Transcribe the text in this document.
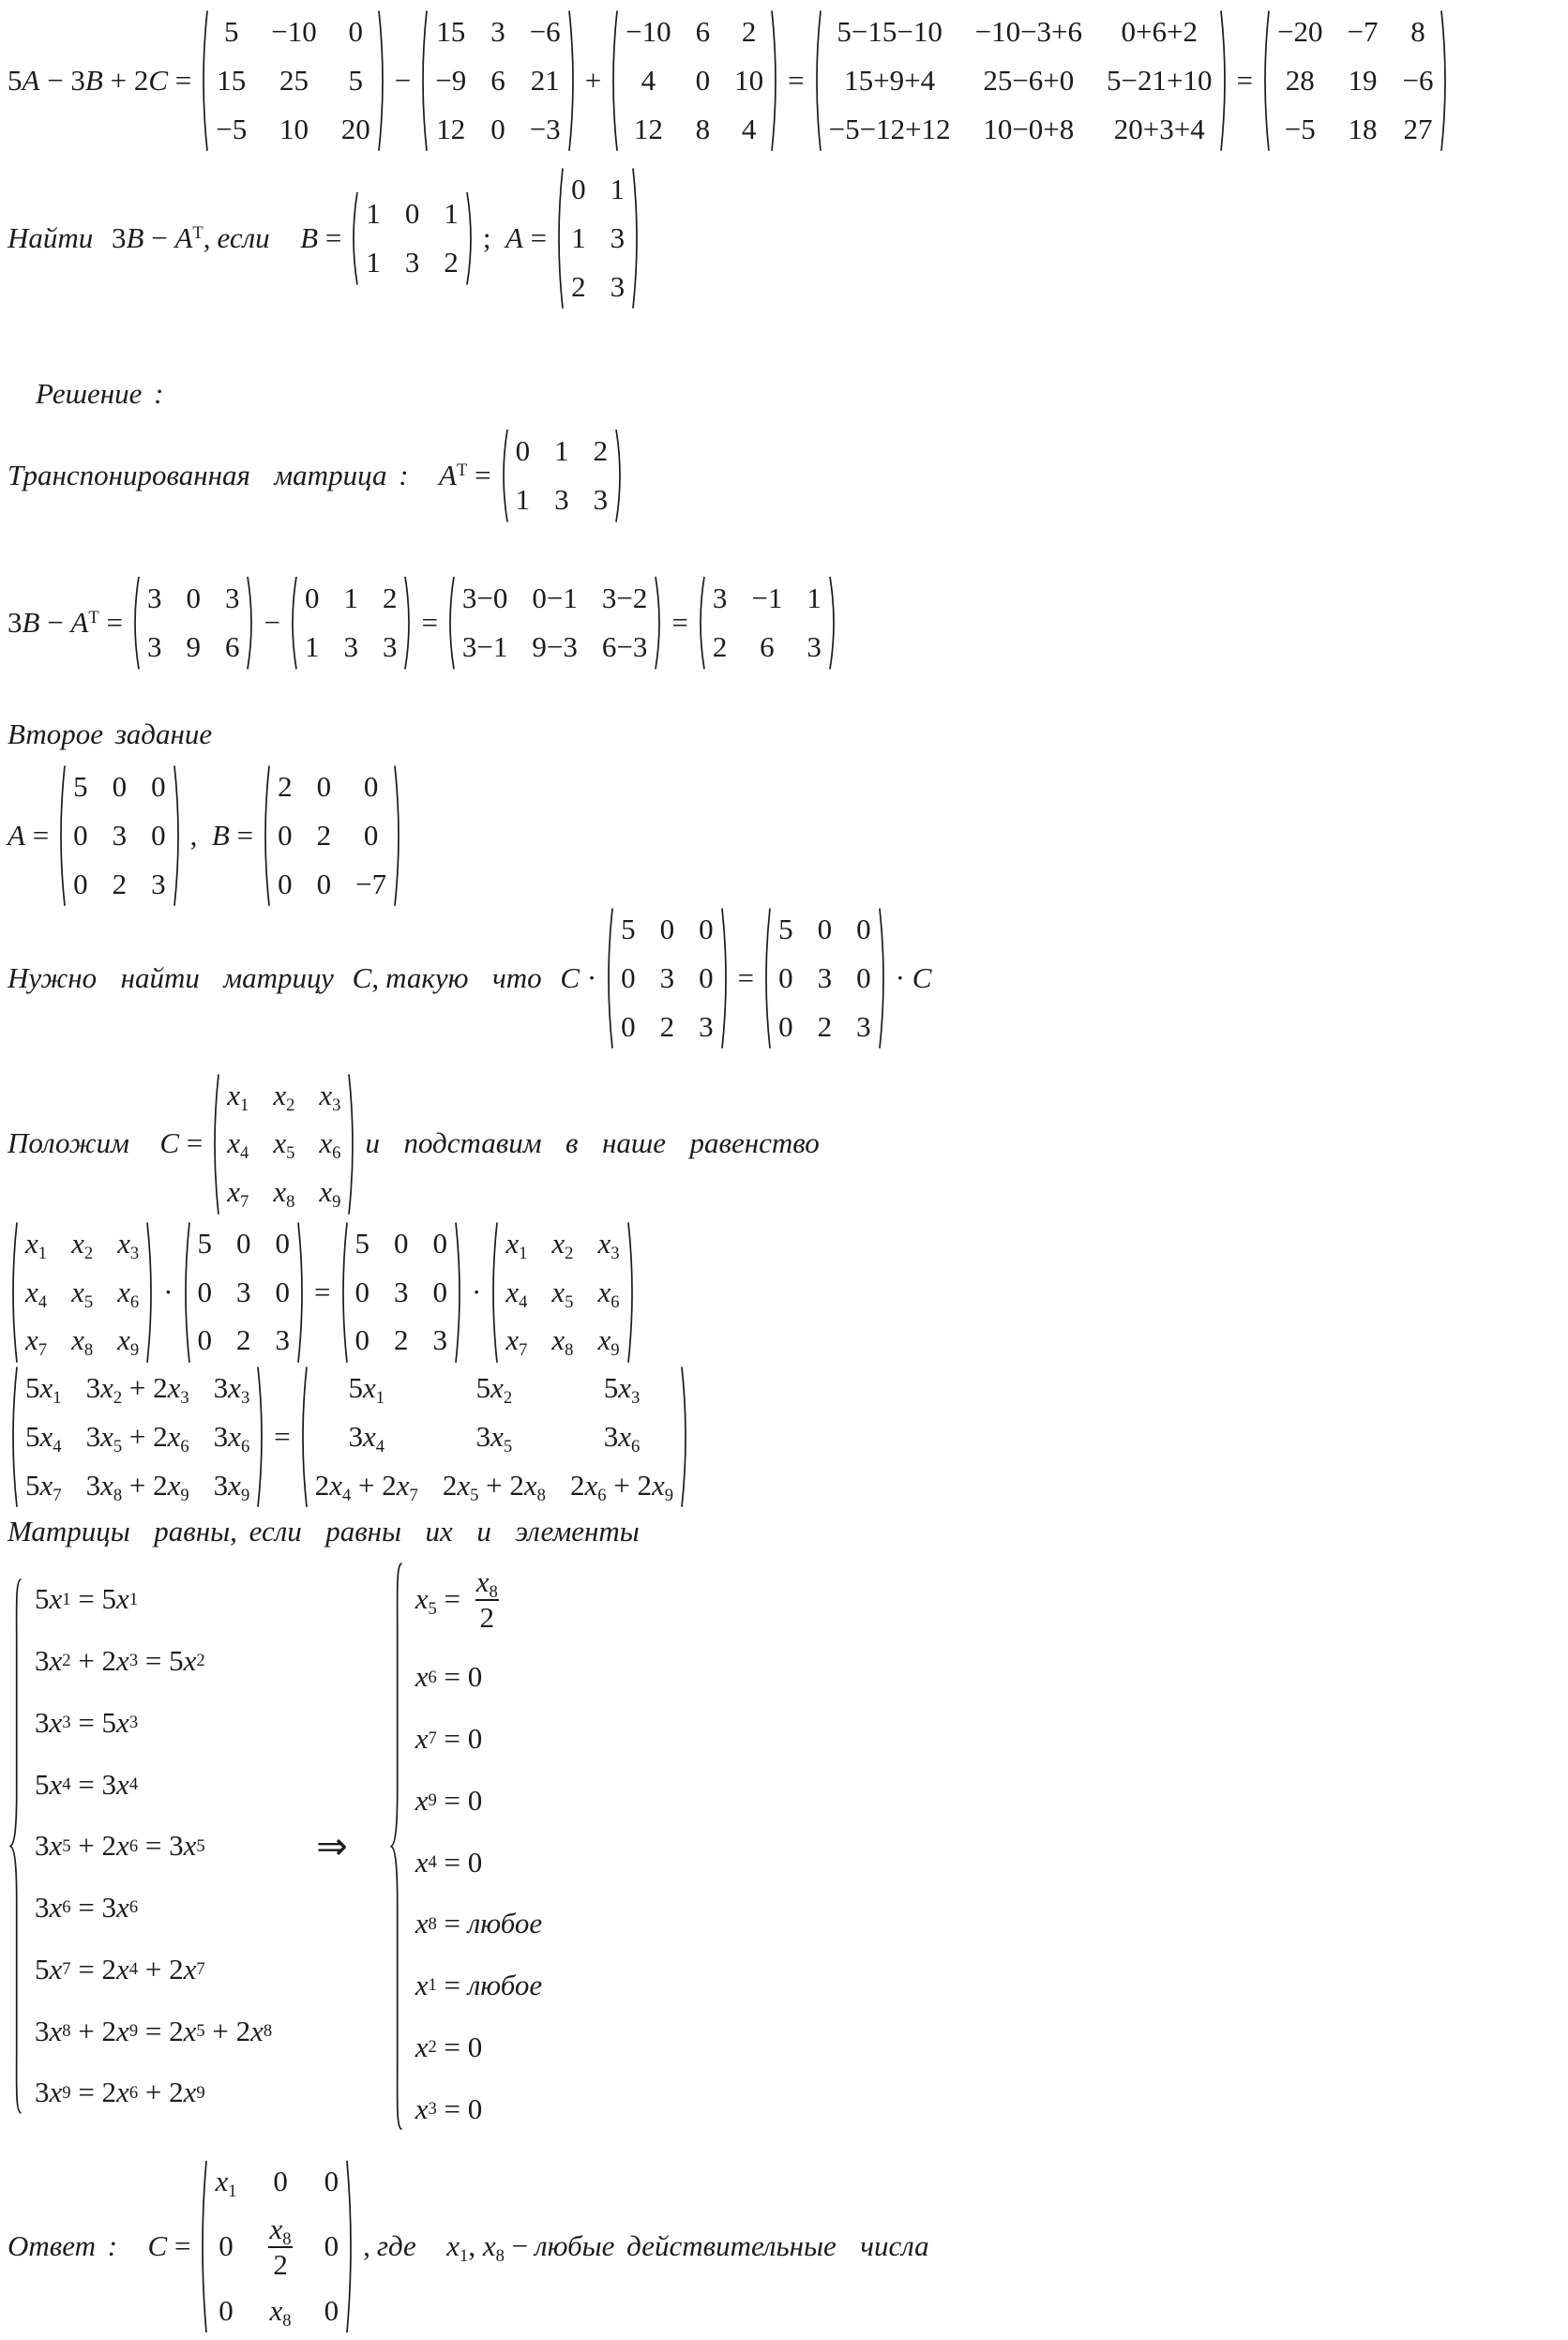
5A − 3B + 2C =
5 −10 0
15 25 5
−5 10 20
−
15 3 −6
−9 6 21
12 0 −3
+
−10 6 2
4	0 10
12 8 4
=
5−15−10 −10−3+6	0+6+2
15+9+4	25−6+0 5−21+10
−5−12+12 10−0+8 20+3+4
=
−20 −7 8
28 19 −6
−5 18 27
Найти $3B - A^T$, если B =
1 0 1
1 3 2
;  A =
0 1
1 3
2 3
Решение :
Транспонированная  матрица : $A^T$ =
0 1 2
1 3 3
$3B - A^T$ =
3 0 3
3 9 6
−
0 1 2
1 3 3
=
3−0 0−1 3−2
3−1 9−3 6−3
=
3 −1 1
2 6 3
Второе задание
A =
5 0 0
0 3 0
0 2 3
,  B =
2 0 0
0 2 0
0 0 −7
Нужно  найти  матрицу C, такую  что C ·
5 0 0
0 3 0
0 2 3
=
5 0 0
0 3 0
0 2 3
· C
Положим C =
$x_1$ $x_2$ $x_3$
$x_4$ $x_5$ $x_6$
$x_7$ $x_8$ $x_9$
и  подставим  в  наше  равенство
$x_1$ $x_2$ $x_3$
$x_4$ $x_5$ $x_6$
$x_7$ $x_8$ $x_9$
·
5 0 0
0 3 0
0 2 3
=
5 0 0
0 3 0
0 2 3
·
$x_1$ $x_2$ $x_3$
$x_4$ $x_5$ $x_6$
$x_7$ $x_8$ $x_9$
$5x_1$ $3x_2 + 2x_3$ $3x_3$
$5x_4$ $3x_5 + 2x_6$ $3x_6$
$5x_7$ $3x_8 + 2x_9$ $3x_9$
=
$5x_1$	$5x_2$	$5x_3$
$3x_4$	$3x_5$	$3x_6$
$2x_4 + 2x_7$ $2x_5 + 2x_8$ $2x_6 + 2x_9$
Матрицы  равны, если  равны  их  и  элементы
5 x 1 = 5 x 1
3 x 2 + 2 x 3 = 5 x 2
3 x 3 = 5 x 3
5 x 4 = 3 x 4
3 x 5 + 2 x 6 = 3 x 5
3 x 6 = 3 x 6
5 x 7 = 2 x 4 + 2 x 7
3 x 8 + 2 x 9 = 2 x 5 + 2 x 8
3 x 9 = 2 x 6 + 2 x 9
⇒
$x_5 = \frac{x_8}{2}$
x 6 = 0
x 7 = 0
x 9 = 0
x 4 = 0
x 8 = любое
x 1 = любое
x 2 = 0
x 3 = 0
Ответ : C =
$x_1$	0	0
$0 \frac{x_8}{2} 0$
0 $x_8$ 0
, где $x_1$, $x_8$ − любые действительные  числа
